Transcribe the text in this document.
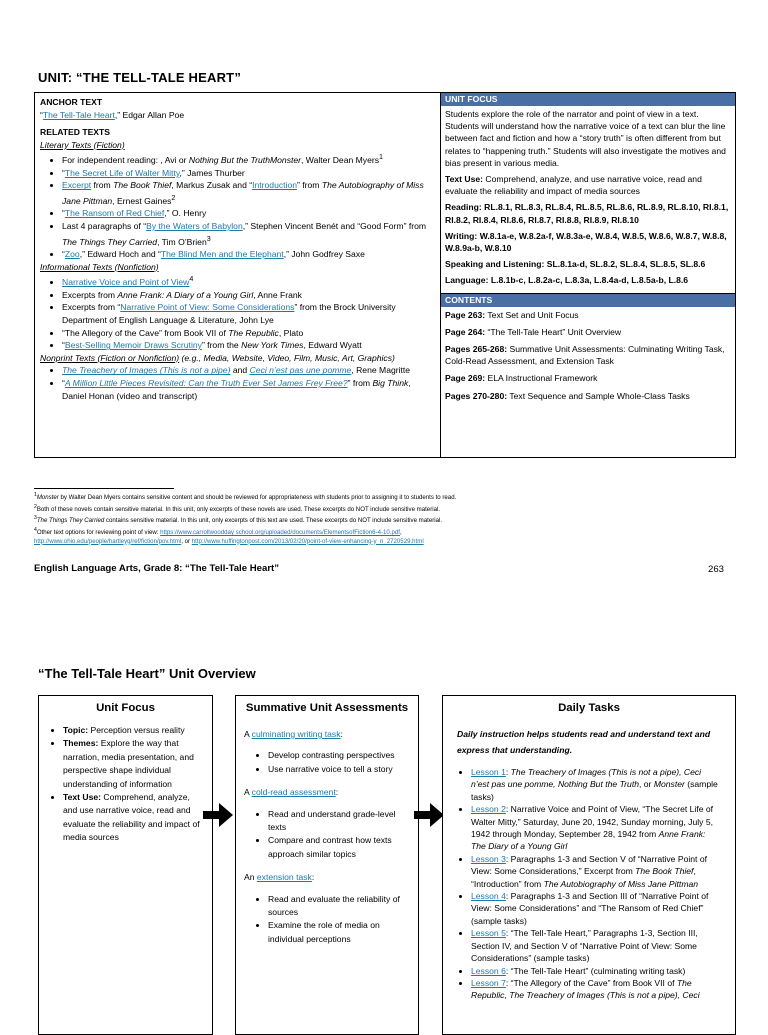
UNIT: “THE TELL-TALE HEART”
ANCHOR TEXT
“The Tell-Tale Heart,” Edgar Allan Poe
RELATED TEXTS
Literary Texts (Fiction)
• For independent reading: , Avi or Nothing But the TruthMonster, Walter Dean Myers$^1$
• “The Secret Life of Walter Mitty,” James Thurber
• Excerpt from The Book Thief, Markus Zusak and “Introduction” from The Autobiography of Miss Jane Pittman, Ernest Gaines$^2$
• “The Ransom of Red Chief,” O. Henry
• Last 4 paragraphs of “By the Waters of Babylon,” Stephen Vincent Benét and “Good Form” from The Things They Carried, Tim O’Brien$^3$
• “Zoo,” Edward Hoch and “The Blind Men and the Elephant,” John Godfrey Saxe
Informational Texts (Nonfiction)
• Narrative Voice and Point of View$^4$
• Excerpts from Anne Frank: A Diary of a Young Girl, Anne Frank
• Excerpts from “Narrative Point of View: Some Considerations” from the Brock University Department of English Language & Literature, John Lye
• “The Allegory of the Cave” from Book VII of The Republic, Plato
• “Best-Selling Memoir Draws Scrutiny” from the New York Times, Edward Wyatt
Nonprint Texts (Fiction or Nonfiction) (e.g., Media, Website, Video, Film, Music, Art, Graphics)
• The Treachery of Images (This is not a pipe) and Ceci n’est pas une pomme, Rene Magritte
• “A Million Little Pieces Revisited: Can the Truth Ever Set James Frey Free?” from Big Think, Daniel Honan (video and transcript)
UNIT FOCUS
Students explore the role of the narrator and point of view in a text. Students will understand how the narrative voice of a text can blur the line between fact and fiction and how a “story truth” is often different from but relates to “happening truth.” Students will also investigate the motives and bias present in various media.
Text Use: Comprehend, analyze, and use narrative voice, read and evaluate the reliability and impact of media sources
Reading: RL.8.1, RL.8.3, RL.8.4, RL.8.5, RL.8.6, RL.8.9, RL.8.10, RI.8.1, RI.8.2, RI.8.4, RI.8.6, RI.8.7, RI.8.8, RI.8.9, RI.8.10
Writing: W.8.1a-e, W.8.2a-f, W.8.3a-e, W.8.4, W.8.5, W.8.6, W.8.7, W.8.8, W.8.9a-b, W.8.10
Speaking and Listening: SL.8.1a-d, SL.8.2, SL.8.4, SL.8.5, SL.8.6
Language: L.8.1b-c, L.8.2a-c, L.8.3a, L.8.4a-d, L.8.5a-b, L.8.6
CONTENTS
Page 263: Text Set and Unit Focus
Page 264: “The Tell-Tale Heart” Unit Overview
Pages 265-268: Summative Unit Assessments: Culminating Writing Task, Cold-Read Assessment, and Extension Task
Page 269: ELA Instructional Framework
Pages 270-280: Text Sequence and Sample Whole-Class Tasks
$^1$Monster by Walter Dean Myers contains sensitive content and should be reviewed for appropriateness with students prior to assigning it to students to read.
$^2$Both of these novels contain sensitive material. In this unit, only excerpts of these novels are used. These excerpts do NOT include sensitive material.
$^3$The Things They Carried contains sensitive material. In this unit, only excerpts of this text are used. These excerpts do NOT include sensitive material.
$^4$Other text options for reviewing point of view: https://www.carrollwoodday school.org/uploaded/documents/ElementsofFiction6-4-10.pdf,
http://www.ohio.edu/people/hartleyg/ref/fiction/pov.html, or http://www.huffingtonpost.com/2013/02/20/point-of-view-enhancing-y_n_2720529.html
English Language Arts, Grade 8: “The Tell-Tale Heart”	263
“The Tell-Tale Heart” Unit Overview
Unit Focus
• Topic: Perception versus reality
• Themes: Explore the way that narration, media presentation, and perspective shape individual understanding of information
• Text Use: Comprehend, analyze, and use narrative voice, read and evaluate the reliability and impact of media sources
Summative Unit Assessments
A culminating writing task:
• Develop contrasting perspectives
• Use narrative voice to tell a story
A cold-read assessment:
• Read and understand grade-level texts
• Compare and contrast how texts approach similar topics
An extension task:
• Read and evaluate the reliability of sources
• Examine the role of media on individual perceptions
Daily Tasks
Daily instruction helps students read and understand text and express that understanding.
• Lesson 1: The Treachery of Images (This is not a pipe), Ceci n’est pas une pomme, Nothing But the Truth, or Monster (sample tasks)
• Lesson 2: Narrative Voice and Point of View, “The Secret Life of Walter Mitty,” Saturday, June 20, 1942, Sunday morning, July 5, 1942 through Monday, September 28, 1942 from Anne Frank: The Diary of a Young Girl
• Lesson 3: Paragraphs 1-3 and Section V of “Narrative Point of View: Some Considerations,” Excerpt from The Book Thief, “Introduction” from The Autobiography of Miss Jane Pittman
• Lesson 4: Paragraphs 1-3 and Section III of “Narrative Point of View: Some Considerations” and “The Ransom of Red Chief” (sample tasks)
• Lesson 5: “The Tell-Tale Heart,” Paragraphs 1-3, Section III, Section IV, and Section V of “Narrative Point of View: Some Considerations” (sample tasks)
• Lesson 6: “The Tell-Tale Heart” (culminating writing task)
• Lesson 7: “The Allegory of the Cave” from Book VII of The Republic, The Treachery of Images (This is not a pipe), Ceci
